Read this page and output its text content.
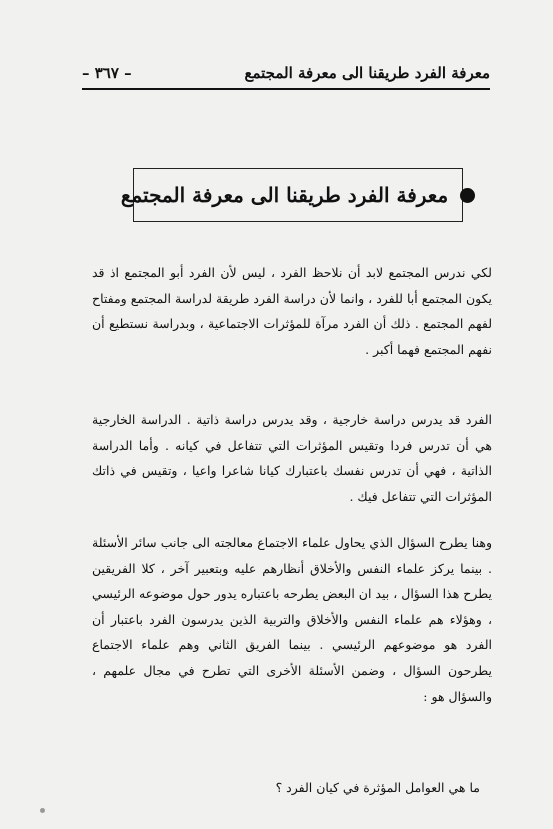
معرفة الفرد طريقنا الى معرفة المجتمع
– ٣٦٧ –
معرفة الفرد طريقنا الى معرفة المجتمع

لكي ندرس المجتمع لابد أن نلاحظ الفرد ، ليس لأن الفرد أبو المجتمع اذ قد يكون المجتمع أبا للفرد ، وانما لأن دراسة الفرد طريقة لدراسة المجتمع ومفتاح لفهم المجتمع . ذلك أن الفرد مرآة للمؤثرات الاجتماعية ، وبدراسة نستطيع أن نفهم المجتمع فهما أكبر .

الفرد قد يدرس دراسة خارجية ، وقد يدرس دراسة ذاتية . الدراسة الخارجية هي أن تدرس فردا وتقيس المؤثرات التي تتفاعل في كيانه . وأما الدراسة الذاتية ، فهي أن تدرس نفسك باعتبارك كيانا شاعرا واعيا ، وتقيس في ذاتك المؤثرات التي تتفاعل فيك .

وهنا يطرح السؤال الذي يحاول علماء الاجتماع معالجته الى جانب سائر الأسئلة . بينما يركز علماء النفس والأخلاق أنظارهم عليه وبتعبير آخر ، كلا الفريقين يطرح هذا السؤال ، بيد ان البعض يطرحه باعتباره يدور حول موضوعه الرئيسي ، وهؤلاء هم علماء النفس والأخلاق والتربية الذين يدرسون الفرد باعتبار أن الفرد هو موضوعهم الرئيسي . بينما الفريق الثاني وهم علماء الاجتماع يطرحون السؤال ، وضمن الأسئلة الأخرى التي تطرح في مجال علمهم ، والسؤال هو :

ما هي العوامل المؤثرة في كيان الفرد ؟
